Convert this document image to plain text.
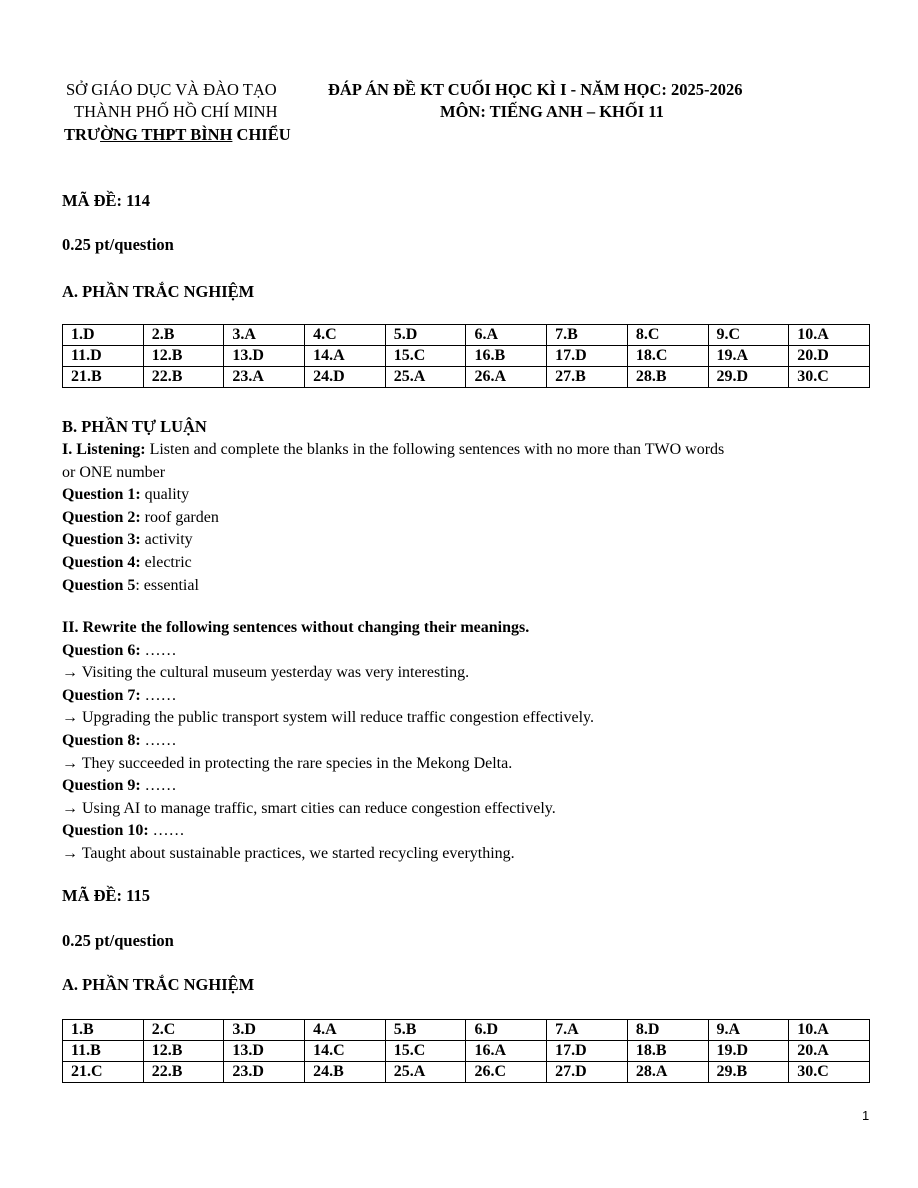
SỞ GIÁO DỤC VÀ ĐÀO TẠO	ĐÁP ÁN ĐỀ KT CUỐI HỌC KÌ I - NĂM HỌC: 2025-2026
THÀNH PHỐ HỒ CHÍ MINH	MÔN: TIẾNG ANH – KHỐI 11
TRƯỜNG THPT BÌNH CHIỂU
MÃ ĐỀ: 114
0.25 pt/question
A. PHẦN TRẮC NGHIỆM
1.D	2.B	3.A	4.C	5.D	6.A	7.B	8.C	9.C	10.A
11.D	12.B	13.D	14.A	15.C	16.B	17.D	18.C	19.A	20.D
21.B	22.B	23.A	24.D	25.A	26.A	27.B	28.B	29.D	30.C
B. PHẦN TỰ LUẬN
I. Listening: Listen and complete the blanks in the following sentences with no more than TWO words
or ONE number
Question 1: quality
Question 2: roof garden
Question 3: activity
Question 4: electric
Question 5: essential
II. Rewrite the following sentences without changing their meanings.
Question 6: ……
→ Visiting the cultural museum yesterday was very interesting.
Question 7: ……
→ Upgrading the public transport system will reduce traffic congestion effectively.
Question 8: ……
→ They succeeded in protecting the rare species in the Mekong Delta.
Question 9: ……
→ Using AI to manage traffic, smart cities can reduce congestion effectively.
Question 10: ……
→ Taught about sustainable practices, we started recycling everything.
MÃ ĐỀ: 115
0.25 pt/question
A. PHẦN TRẮC NGHIỆM
1.B	2.C	3.D	4.A	5.B	6.D	7.A	8.D	9.A	10.A
11.B	12.B	13.D	14.C	15.C	16.A	17.D	18.B	19.D	20.A
21.C	22.B	23.D	24.B	25.A	26.C	27.D	28.A	29.B	30.C
1
